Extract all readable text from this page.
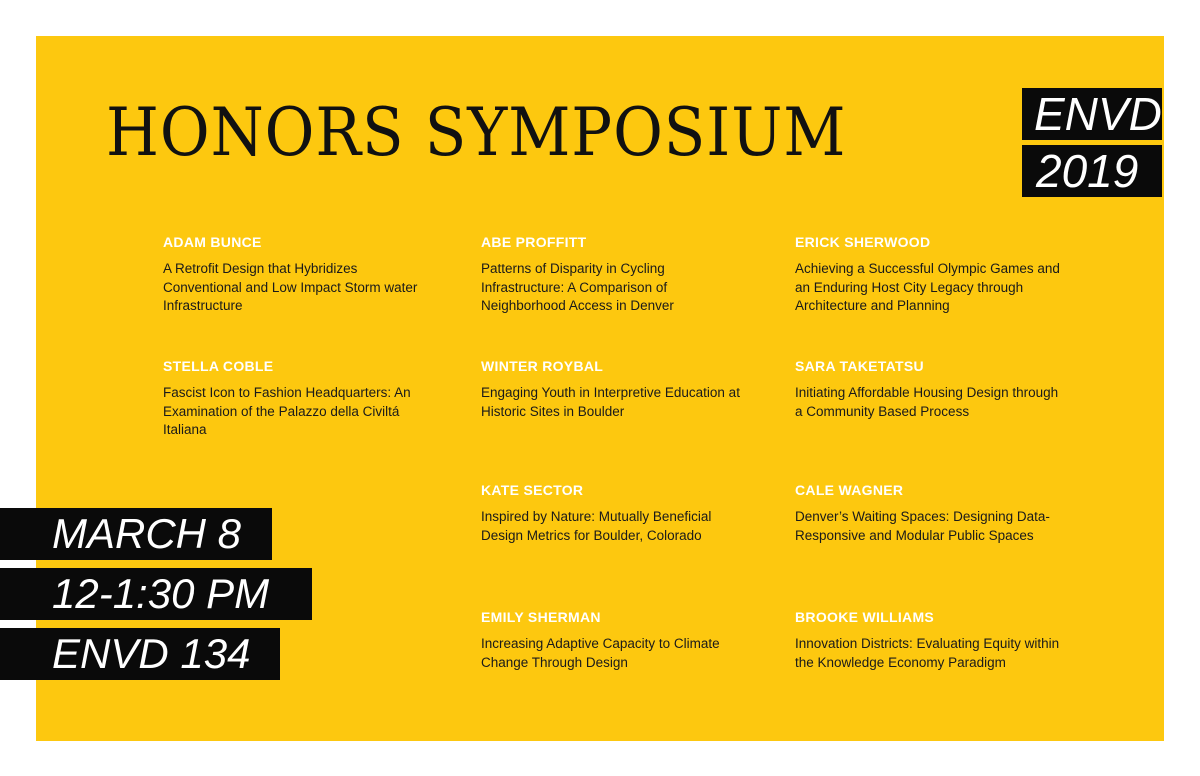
HONORS SYMPOSIUM	ENVD
2019
MARCH 8
12-1:30 PM
ENVD 134
ADAM BUNCE
A Retrofit Design that Hybridizes Conventional and Low Impact Storm water Infrastructure
STELLA COBLE
Fascist Icon to Fashion Headquarters: An Examination of the Palazzo della Civiltá Italiana
ABE PROFFITT
Patterns of Disparity in Cycling Infrastructure: A Comparison of Neighborhood Access in Denver
WINTER ROYBAL
Engaging Youth in Interpretive Education at Historic Sites in Boulder
KATE SECTOR
Inspired by Nature: Mutually Beneficial Design Metrics for Boulder, Colorado
EMILY SHERMAN
Increasing Adaptive Capacity to Climate Change Through Design
ERICK SHERWOOD
Achieving a Successful Olympic Games and an Enduring Host City Legacy through Architecture and Planning
SARA TAKETATSU
Initiating Affordable Housing Design through a Community Based Process
CALE WAGNER
Denver’s Waiting Spaces: Designing Data-Responsive and Modular Public Spaces
BROOKE WILLIAMS
Innovation Districts: Evaluating Equity within the Knowledge Economy Paradigm
